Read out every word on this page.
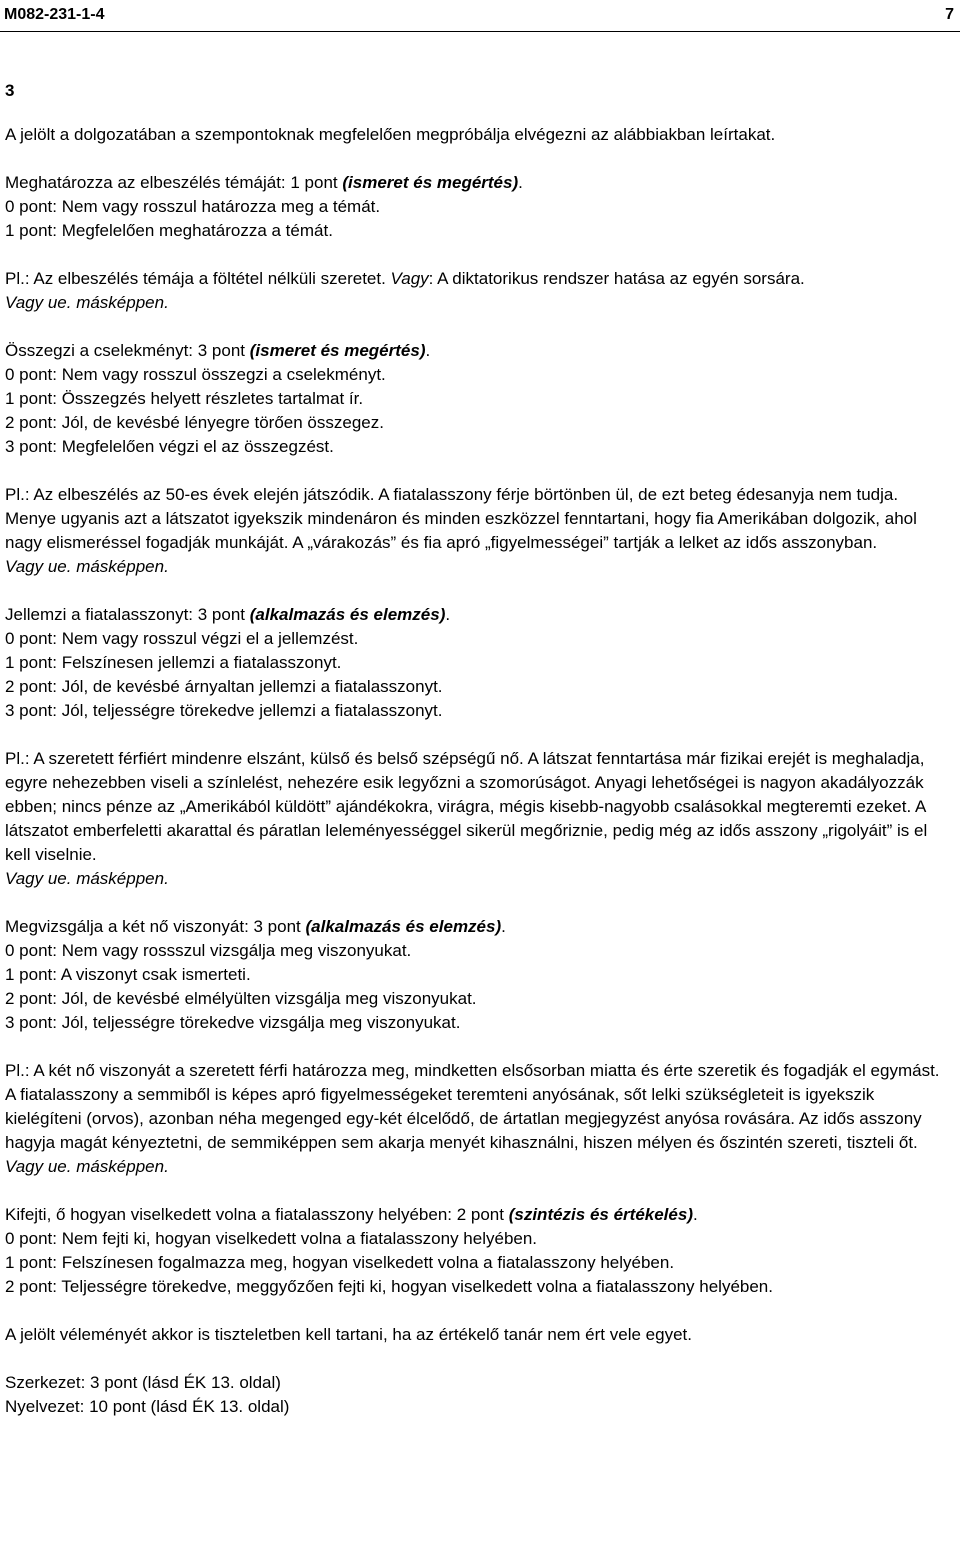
M082-231-1-4	7

3

A jelölt a dolgozatában a szempontoknak megfelelően megpróbálja elvégezni az alábbiakban leírtakat.

Meghatározza az elbeszélés témáját: 1 pont (ismeret és megértés).

0 pont: Nem vagy rosszul határozza meg a témát.

1 pont: Megfelelően meghatározza a témát.

Pl.: Az elbeszélés témája a föltétel nélküli szeretet. Vagy: A diktatorikus rendszer hatása az egyén sorsára.

Vagy ue. másképpen.

Összegzi a cselekményt: 3 pont (ismeret és megértés).

0 pont: Nem vagy rosszul összegzi a cselekményt.

1 pont: Összegzés helyett részletes tartalmat ír.

2 pont: Jól, de kevésbé lényegre törően összegez.

3 pont: Megfelelően végzi el az összegzést.

Pl.: Az elbeszélés az 50-es évek elején játszódik. A fiatalasszony férje börtönben ül, de ezt beteg édesanyja nem tudja. Menye ugyanis azt a látszatot igyekszik mindenáron és minden eszközzel fenntartani, hogy fia Amerikában dolgozik, ahol nagy elismeréssel fogadják munkáját. A „várakozás” és fia apró „figyelmességei” tartják a lelket az idős asszonyban.

Vagy ue. másképpen.

Jellemzi a fiatalasszonyt: 3 pont (alkalmazás és elemzés).

0 pont: Nem vagy rosszul végzi el a jellemzést.

1 pont: Felszínesen jellemzi a fiatalasszonyt.

2 pont: Jól, de kevésbé árnyaltan jellemzi a fiatalasszonyt.

3 pont: Jól, teljességre törekedve jellemzi a fiatalasszonyt.

Pl.: A szeretett férfiért mindenre elszánt, külső és belső szépségű nő. A látszat fenntartása már fizikai erejét is meghaladja, egyre nehezebben viseli a színlelést, nehezére esik legyőzni a szomorúságot. Anyagi lehetőségei is nagyon akadályozzák ebben; nincs pénze az „Amerikából küldött” ajándékokra, virágra, mégis kisebb-nagyobb csalásokkal megteremti ezeket. A látszatot emberfeletti akarattal és páratlan leleményességgel sikerül megőriznie, pedig még az idős asszony „rigolyáit” is el kell viselnie.

Vagy ue. másképpen.

Megvizsgálja a két nő viszonyát: 3 pont (alkalmazás és elemzés).

0 pont: Nem vagy rossszul vizsgálja meg viszonyukat.

1 pont: A viszonyt csak ismerteti.

2 pont: Jól, de kevésbé elmélyülten vizsgálja meg viszonyukat.

3 pont: Jól, teljességre törekedve vizsgálja meg viszonyukat.

Pl.: A két nő viszonyát a szeretett férfi határozza meg, mindketten elsősorban miatta és érte szeretik és fogadják el egymást. A fiatalasszony a semmiből is képes apró figyelmességeket teremteni anyósának, sőt lelki szükségleteit is igyekszik kielégíteni (orvos), azonban néha megenged egy-két élcelődő, de ártatlan megjegyzést anyósa rovására. Az idős asszony hagyja magát kényeztetni, de semmiképpen sem akarja menyét kihasználni, hiszen mélyen és őszintén szereti, tiszteli őt.

Vagy ue. másképpen.

Kifejti, ő hogyan viselkedett volna a fiatalasszony helyében: 2 pont (szintézis és értékelés).

0 pont: Nem fejti ki, hogyan viselkedett volna a fiatalasszony helyében.

1 pont: Felszínesen fogalmazza meg, hogyan viselkedett volna a fiatalasszony helyében.

2 pont: Teljességre törekedve, meggyőzően fejti ki, hogyan viselkedett volna a fiatalasszony helyében.

A jelölt véleményét akkor is tiszteletben kell tartani, ha az értékelő tanár nem ért vele egyet.

Szerkezet: 3 pont (lásd ÉK 13. oldal)

Nyelvezet: 10 pont (lásd ÉK 13. oldal)
